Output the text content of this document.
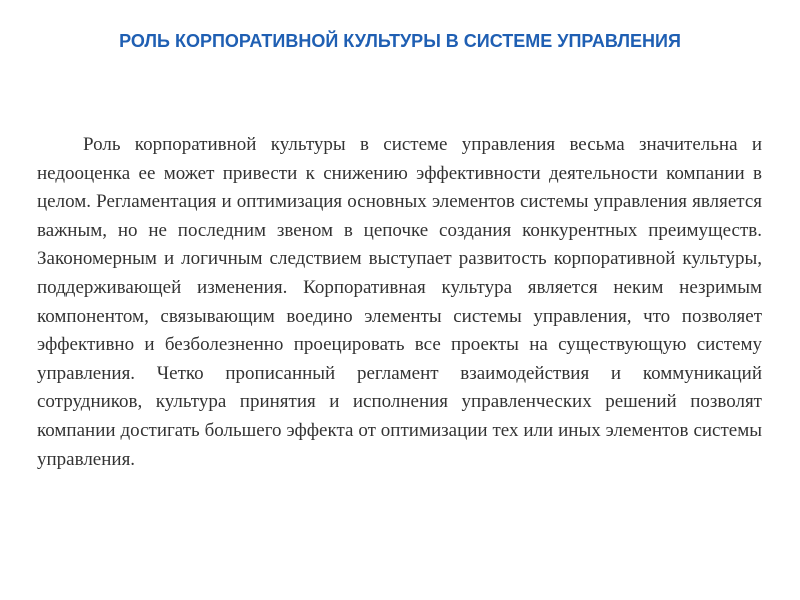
РОЛЬ КОРПОРАТИВНОЙ КУЛЬТУРЫ В СИСТЕМЕ УПРАВЛЕНИЯ

Роль корпоративной культуры в системе управления весьма значительна и недооценка ее может привести к снижению эффективности деятельности компании в целом. Регламентация и оптимизация основных элементов системы управления является важным, но не последним звеном в цепочке создания конкурентных преимуществ. Закономерным и логичным следствием выступает развитость корпоративной культуры, поддерживающей изменения. Корпоративная культура является неким незримым компонентом, связывающим воедино элементы системы управления, что позволяет эффективно и безболезненно проецировать все проекты на существующую систему управления. Четко прописанный регламент взаимодействия и коммуникаций сотрудников, культура принятия и исполнения управленческих решений позволят компании достигать большего эффекта от оптимизации тех или иных элементов системы управления.
